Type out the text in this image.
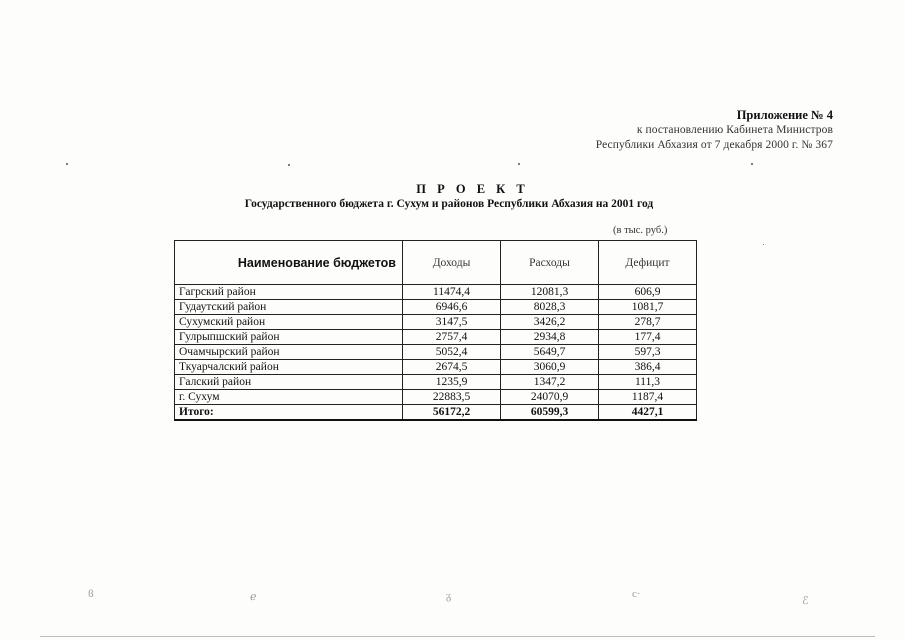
Приложение № 4
к постановлению Кабинета Министров
Республики Абхазия от 7 декабря 2000 г. № 367
П Р О Е К Т
Государственного бюджета г. Сухум и районов Республики Абхазия на 2001 год
(в тыс. руб.)
Наименование бюджетов	Доходы	Расходы	Дефицит
Гагрский район	11474,4	12081,3	606,9
Гудаутский район	6946,6	8028,3	1081,7
Сухумский район	3147,5	3426,2	278,7
Гулрыпшский район	2757,4	2934,8	177,4
Очамчырский район	5052,4	5649,7	597,3
Ткуарчалский район	2674,5	3060,9	386,4
Галский район	1235,9	1347,2	111,3
г. Сухум	22883,5	24070,9	1187,4
Итого:	56172,2	60599,3	4427,1
ϐ	ℯ	ᵹ	c·
ℰ
